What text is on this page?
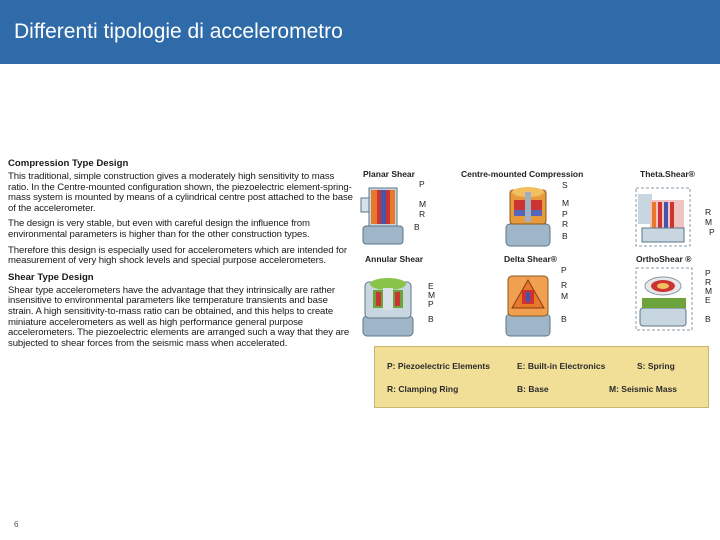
Differenti tipologie di accelerometro
Compression Type Design
This traditional, simple construction gives a moderately high sensitivity to mass ratio. In the Centre-mounted configuration shown, the piezoelectric element-spring-mass system is mounted by means of a cylindrical centre post attached to the base of the accelerometer.
The design is very stable, but even with careful design the influence from environmental parameters is higher than for the other construction types.
Therefore this design is especially used for accelerometers which are intended for measurement of very high shock levels and special purpose accelerometers.
Shear Type Design
Shear type accelerometers have the advantage that they intrinsically are rather insensitive to environmental parameters like temperature transients and base strain. A high sensitivity-to-mass ratio can be obtained, and this helps to create miniature accelerometers as well as high performance general purpose accelerometers. The piezoelectric elements are arranged such a way that they are subjected to shear forces from the seismic mass when accelerated.
Planar Shear	Centre-mounted Compression	Theta.Shear®
Annular Shear	Delta Shear®	OrthoShear ®
P
M
R
B
S
M
P
R
B
R
M
P
E
M
P
B
P
R
M
B
P
R
M
E
B
P: Piezoelectric Elements	E: Built-in Electronics	S: Spring
R: Clamping Ring	B: Base	M: Seismic Mass
6
